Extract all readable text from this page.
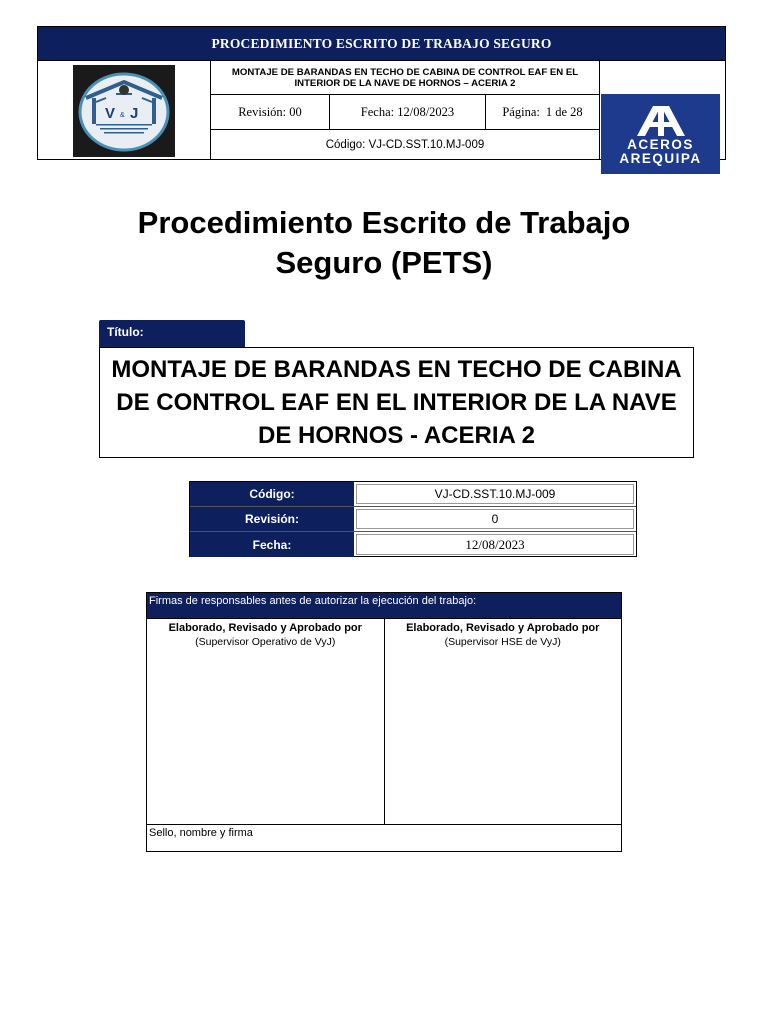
PROCEDIMIENTO ESCRITO DE TRABAJO SEGURO
V & J
MONTAJE DE BARANDAS EN TECHO DE CABINA DE CONTROL EAF EN EL INTERIOR DE LA NAVE DE HORNOS – ACERIA 2
Revisión: 00	Fecha: 12/08/2023	Página: 1 de 28
Código: VJ-CD.SST.10.MJ-009	ACEROS
AREQUIPA
Procedimiento Escrito de Trabajo Seguro (PETS)
Título:
MONTAJE DE BARANDAS EN TECHO DE CABINA DE CONTROL EAF EN EL INTERIOR DE LA NAVE DE HORNOS - ACERIA 2
Código:	VJ-CD.SST.10.MJ-009
Revisión:	0
Fecha:	12/08/2023
Firmas de responsables antes de autorizar la ejecución del trabajo:
Elaborado, Revisado y Aprobado por
(Supervisor Operativo de VyJ)
Elaborado, Revisado y Aprobado por
(Supervisor HSE de VyJ)
Sello, nombre y firma
